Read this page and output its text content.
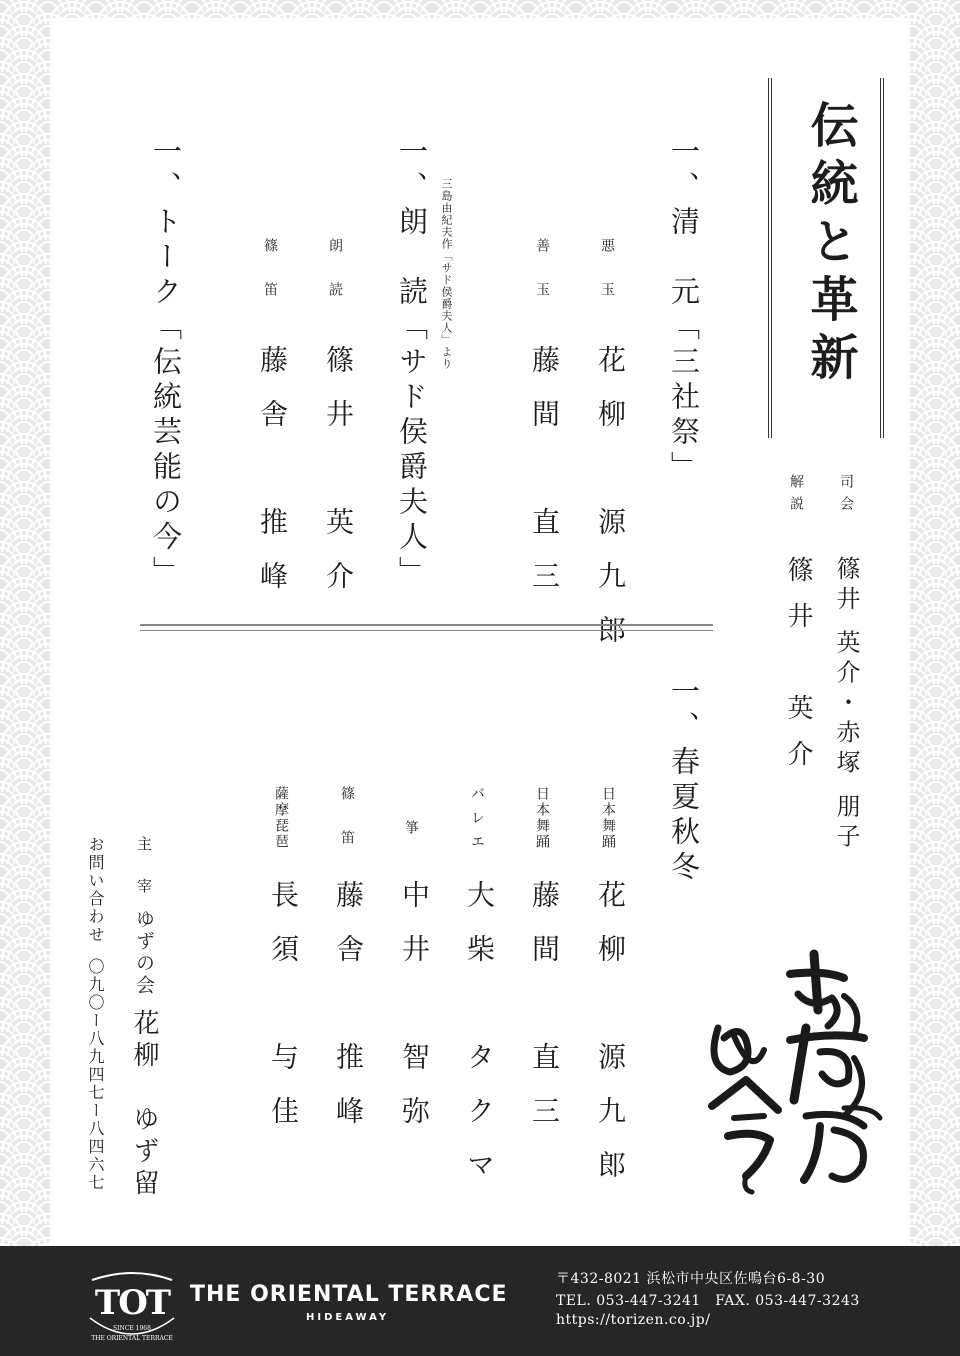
伝統と革新
司会
篠井 英介・赤塚 朋子
解説
篠井　英介
一、清　元「三社祭」
悪玉
花柳　源九郎
善玉
藤間　直三
三島由紀夫作「サド侯爵夫人」より
一、朗　読「サド侯爵夫人」
朗読
篠井　英介
篠笛
藤舎　推峰
一、トーク「伝統芸能の今」
一、春夏秋冬
日本舞踊
花柳　源九郎
日本舞踊
藤間　直三
バレエ
大柴　タクマ
箏
中井　智弥
篠笛
藤舎　推峰
薩摩琵琶
長須　与佳
主　宰ゆずの会花柳　ゆず留
お問い合わせ〇九〇ー八九四七ー八四六七
TOT
SINCE 1968
THE ORIENTAL TERRACE
THE ORIENTAL TERRACE
HIDEAWAY
〒432-8021 浜松市中央区佐鳴台6-8-30
TEL. 053-447-3241　FAX. 053-447-3243
https://torizen.co.jp/
